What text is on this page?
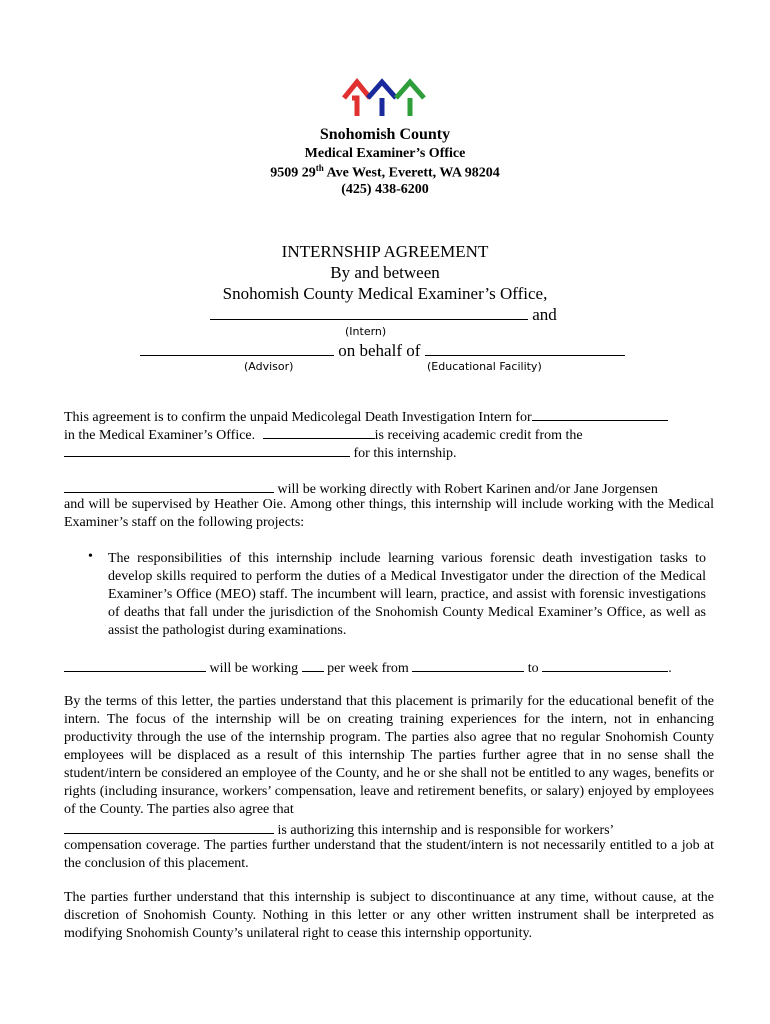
Snohomish County
Medical Examiner’s Office
9509 29th Ave West, Everett, WA 98204
(425) 438-6200
INTERNSHIP AGREEMENT
By and between
Snohomish County Medical Examiner’s Office,
and
(Intern)
on behalf of
(Advisor)	(Educational Facility)
This agreement is to confirm the unpaid Medicolegal Death Investigation Intern for
in the Medical Examiner’s Office.	is receiving academic credit from the
for this internship.
will be working directly with Robert Karinen and/or Jane Jorgensen
and will be supervised by Heather Oie. Among other things, this internship will include working with the Medical Examiner’s staff on the following projects:
• The responsibilities of this internship include learning various forensic death investigation tasks to develop skills required to perform the duties of a Medical Investigator under the direction of the Medical Examiner’s Office (MEO) staff. The incumbent will learn, practice, and assist with forensic investigations of deaths that fall under the jurisdiction of the Snohomish County Medical Examiner’s Office, as well as assist the pathologist during examinations.
will be working per week from	to	.
By the terms of this letter, the parties understand that this placement is primarily for the educational benefit of the intern. The focus of the internship will be on creating training experiences for the intern, not in enhancing productivity through the use of the internship program. The parties also agree that no regular Snohomish County employees will be displaced as a result of this internship The parties further agree that in no sense shall the student/intern be considered an employee of the County, and he or she shall not be entitled to any wages, benefits or rights (including insurance, workers’ compensation, leave and retirement benefits, or salary) enjoyed by employees of the County. The parties also agree that
is authorizing this internship and is responsible for workers’
compensation coverage. The parties further understand that the student/intern is not necessarily entitled to a job at the conclusion of this placement.
The parties further understand that this internship is subject to discontinuance at any time, without cause, at the discretion of Snohomish County. Nothing in this letter or any other written instrument shall be interpreted as modifying Snohomish County’s unilateral right to cease this internship opportunity.
